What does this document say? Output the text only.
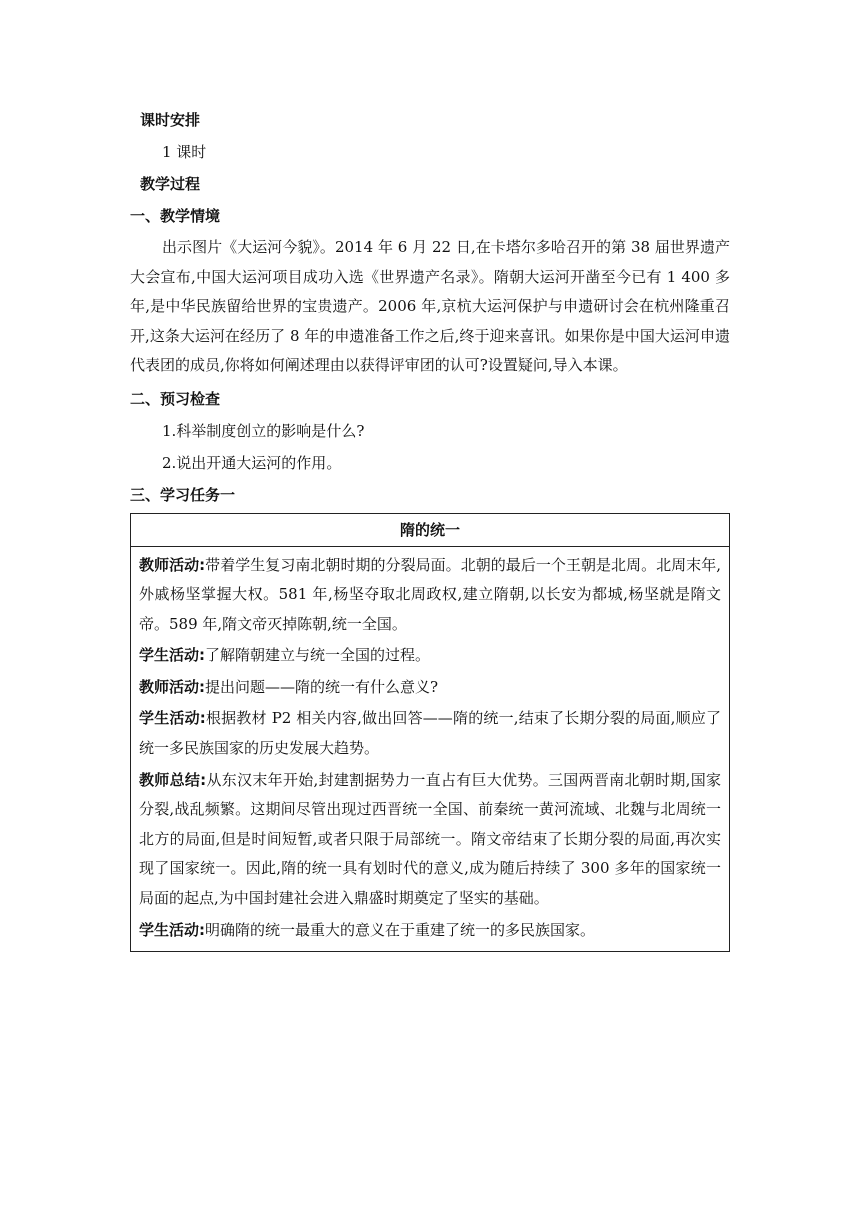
课时安排
1 课时
教学过程
一、教学情境

出示图片《大运河今貌》。2014 年 6 月 22 日,在卡塔尔多哈召开的第 38 届世界遗产大会宣布,中国大运河项目成功入选《世界遗产名录》。隋朝大运河开凿至今已有 1 400 多年,是中华民族留给世界的宝贵遗产。2006 年,京杭大运河保护与申遗研讨会在杭州隆重召开,这条大运河在经历了 8 年的申遗准备工作之后,终于迎来喜讯。如果你是中国大运河申遗代表团的成员,你将如何阐述理由以获得评审团的认可?设置疑问,导入本课。

二、预习检查
1.科举制度创立的影响是什么?
2.说出开通大运河的作用。
三、学习任务一
隋的统一

教师活动:带着学生复习南北朝时期的分裂局面。北朝的最后一个王朝是北周。北周末年,外戚杨坚掌握大权。581 年,杨坚夺取北周政权,建立隋朝,以长安为都城,杨坚就是隋文帝。589 年,隋文帝灭掉陈朝,统一全国。

学生活动:了解隋朝建立与统一全国的过程。

教师活动:提出问题——隋的统一有什么意义?

学生活动:根据教材 P2 相关内容,做出回答——隋的统一,结束了长期分裂的局面,顺应了统一多民族国家的历史发展大趋势。

教师总结:从东汉末年开始,封建割据势力一直占有巨大优势。三国两晋南北朝时期,国家分裂,战乱频繁。这期间尽管出现过西晋统一全国、前秦统一黄河流域、北魏与北周统一北方的局面,但是时间短暂,或者只限于局部统一。隋文帝结束了长期分裂的局面,再次实现了国家统一。因此,隋的统一具有划时代的意义,成为随后持续了 300 多年的国家统一局面的起点,为中国封建社会进入鼎盛时期奠定了坚实的基础。

学生活动:明确隋的统一最重大的意义在于重建了统一的多民族国家。
